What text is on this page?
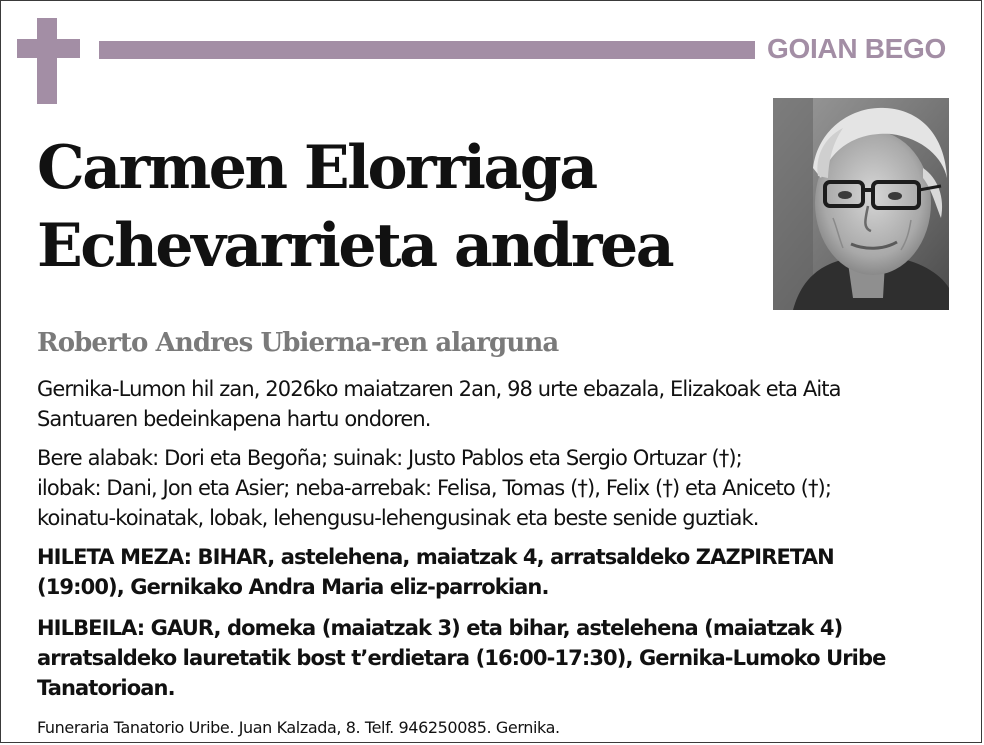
GOIAN BEGO
Carmen Elorriaga
Echevarrieta andrea
Roberto Andres Ubierna-ren alarguna

Gernika-Lumon hil zan, 2026ko maiatzaren 2an, 98 urte ebazala, Elizakoak eta Aita
Santuaren bedeinkapena hartu ondoren.

Bere alabak: Dori eta Begoña; suinak: Justo Pablos eta Sergio Ortuzar (†);
ilobak: Dani, Jon eta Asier; neba-arrebak: Felisa, Tomas (†), Felix (†) eta Aniceto (†);
koinatu-koinatak, lobak, lehengusu-lehengusinak eta beste senide guztiak.

HILETA MEZA: BIHAR, astelehena, maiatzak 4, arratsaldeko ZAZPIRETAN
(19:00), Gernikako Andra Maria eliz-parrokian.

HILBEILA: GAUR, domeka (maiatzak 3) eta bihar, astelehena (maiatzak 4)
arratsaldeko lauretatik bost t’erdietara (16:00-17:30), Gernika-Lumoko Uribe
Tanatorioan.

Funeraria Tanatorio Uribe. Juan Kalzada, 8. Telf. 946250085. Gernika.
